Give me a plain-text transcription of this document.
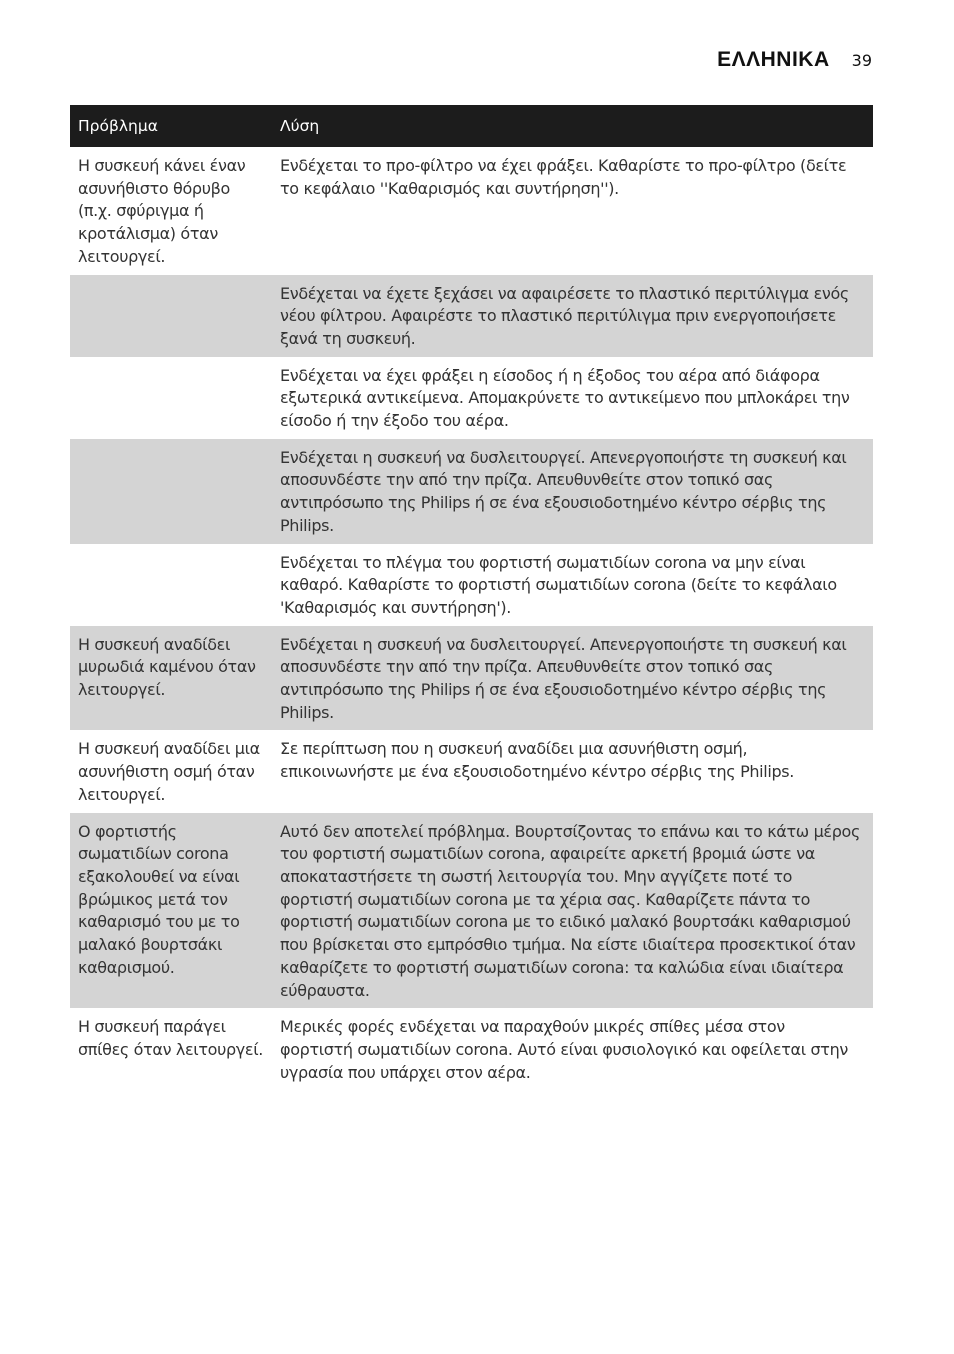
ΕΛΛΗΝΙΚΑ 39
Πρόβλημα	Λύση
Η συσκευή κάνει έναν ασυνήθιστο θόρυβο (π.χ. σφύριγμα ή κροτάλισμα) όταν λειτουργεί.
Ενδέχεται το προ-φίλτρο να έχει φράξει. Καθαρίστε το προ-φίλτρο (δείτε το κεφάλαιο ''Καθαρισμός και συντήρηση'').
Ενδέχεται να έχετε ξεχάσει να αφαιρέσετε το πλαστικό περιτύλιγμα ενός νέου φίλτρου. Αφαιρέστε το πλαστικό περιτύλιγμα πριν ενεργοποιήσετε ξανά τη συσκευή.
Ενδέχεται να έχει φράξει η είσοδος ή η έξοδος του αέρα από διάφορα εξωτερικά αντικείμενα. Απομακρύνετε το αντικείμενο που μπλοκάρει την είσοδο ή την έξοδο του αέρα.
Ενδέχεται η συσκευή να δυσλειτουργεί. Απενεργοποιήστε τη συσκευή και αποσυνδέστε την από την πρίζα. Απευθυνθείτε στον τοπικό σας αντιπρόσωπο της Philips ή σε ένα εξουσιοδοτημένο κέντρο σέρβις της Philips.
Ενδέχεται το πλέγμα του φορτιστή σωματιδίων corona να μην είναι καθαρό. Καθαρίστε το φορτιστή σωματιδίων corona (δείτε το κεφάλαιο 'Καθαρισμός και συντήρηση').
Η συσκευή αναδίδει μυρωδιά καμένου όταν λειτουργεί.
Ενδέχεται η συσκευή να δυσλειτουργεί. Απενεργοποιήστε τη συσκευή και αποσυνδέστε την από την πρίζα. Απευθυνθείτε στον τοπικό σας αντιπρόσωπο της Philips ή σε ένα εξουσιοδοτημένο κέντρο σέρβις της Philips.
Η συσκευή αναδίδει μια ασυνήθιστη οσμή όταν λειτουργεί.
Σε περίπτωση που η συσκευή αναδίδει μια ασυνήθιστη οσμή, επικοινωνήστε με ένα εξουσιοδοτημένο κέντρο σέρβις της Philips.
Ο φορτιστής σωματιδίων corona εξακολουθεί να είναι βρώμικος μετά τον καθαρισμό του με το μαλακό βουρτσάκι καθαρισμού.
Αυτό δεν αποτελεί πρόβλημα. Βουρτσίζοντας το επάνω και το κάτω μέρος του φορτιστή σωματιδίων corona, αφαιρείτε αρκετή βρομιά ώστε να αποκαταστήσετε τη σωστή λειτουργία του. Μην αγγίζετε ποτέ το φορτιστή σωματιδίων corona με τα χέρια σας. Καθαρίζετε πάντα το φορτιστή σωματιδίων corona με το ειδικό μαλακό βουρτσάκι καθαρισμού που βρίσκεται στο εμπρόσθιο τμήμα. Να είστε ιδιαίτερα προσεκτικοί όταν καθαρίζετε το φορτιστή σωματιδίων corona: τα καλώδια είναι ιδιαίτερα εύθραυστα.
Η συσκευή παράγει σπίθες όταν λειτουργεί.
Μερικές φορές ενδέχεται να παραχθούν μικρές σπίθες μέσα στον φορτιστή σωματιδίων corona. Αυτό είναι φυσιολογικό και οφείλεται στην υγρασία που υπάρχει στον αέρα.
